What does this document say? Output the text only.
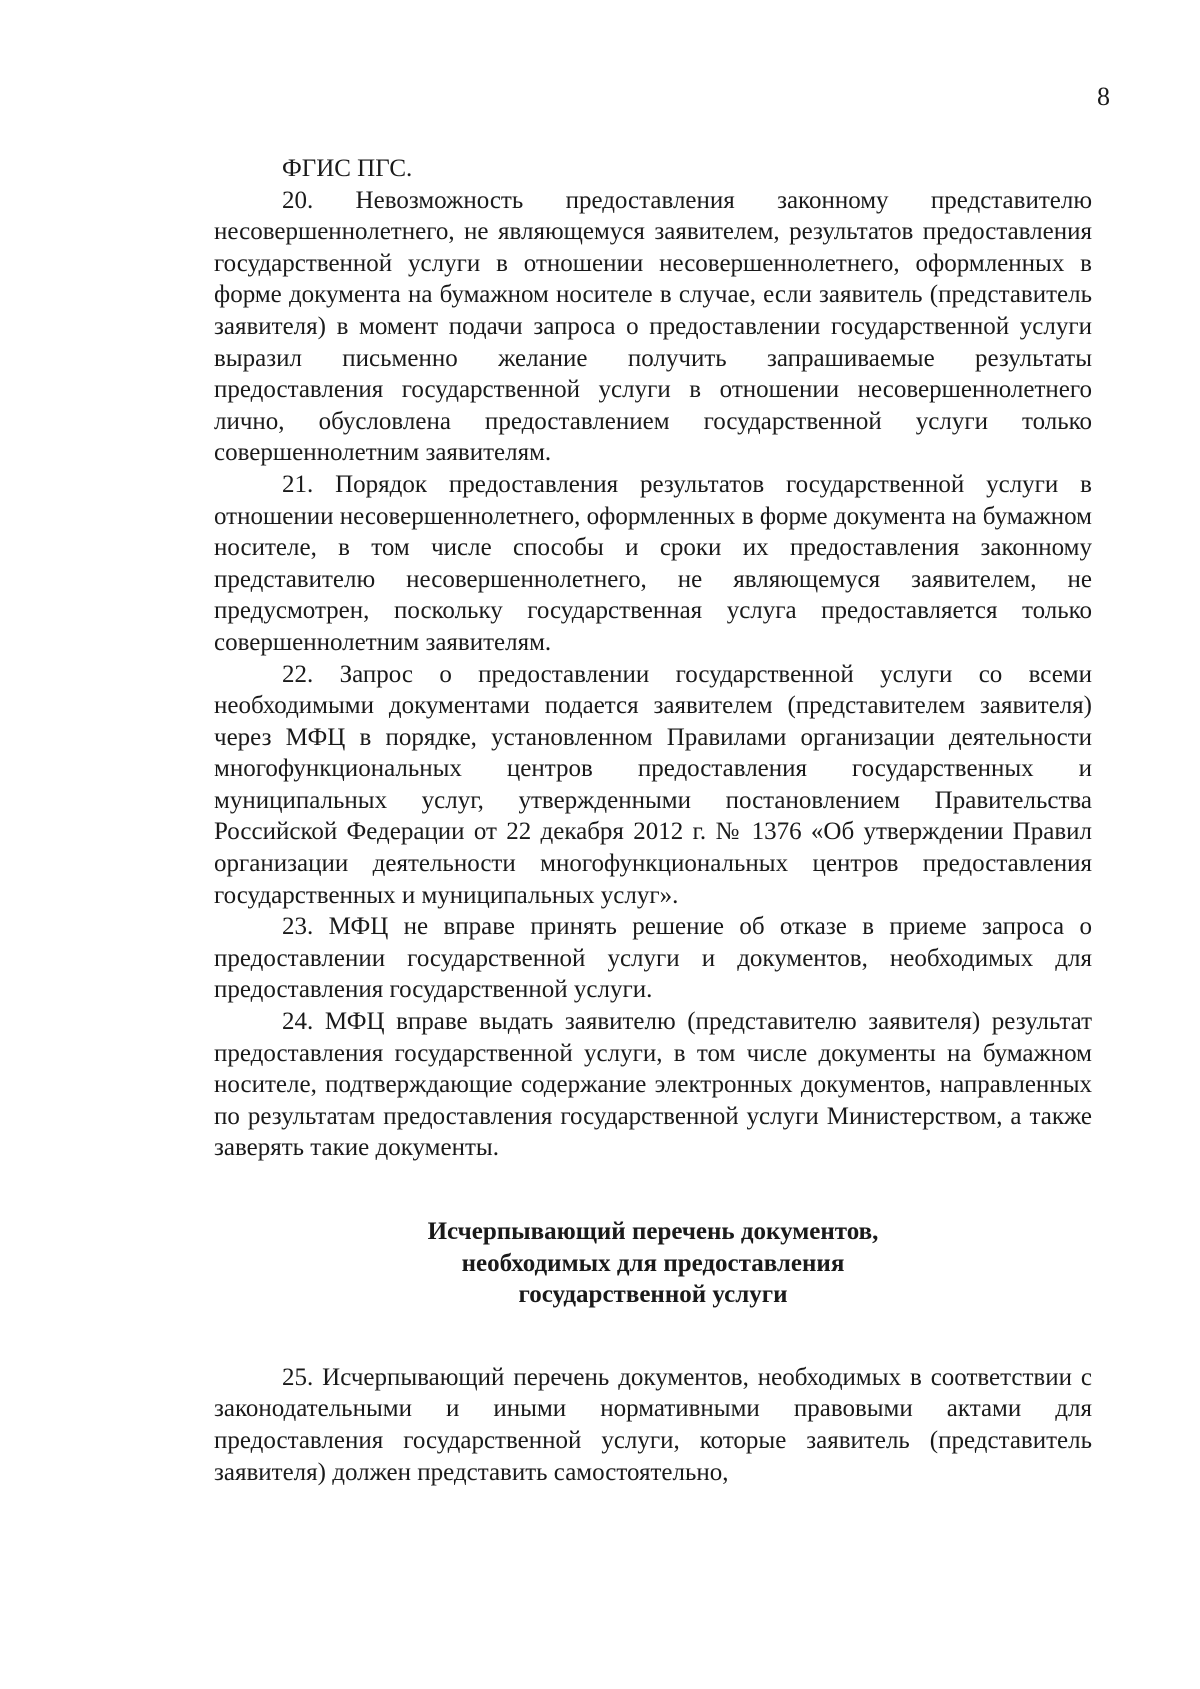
8

ФГИС ПГС.

20. Невозможность предоставления законному представителю несовершеннолетнего, не являющемуся заявителем, результатов предоставления государственной услуги в отношении несовершеннолетнего, оформленных в форме документа на бумажном носителе в случае, если заявитель (представитель заявителя) в момент подачи запроса о предоставлении государственной услуги выразил письменно желание получить запрашиваемые результаты предоставления государственной услуги в отношении несовершеннолетнего лично, обусловлена предоставлением государственной услуги только совершеннолетним заявителям.

21. Порядок предоставления результатов государственной услуги в отношении несовершеннолетнего, оформленных в форме документа на бумажном носителе, в том числе способы и сроки их предоставления законному представителю несовершеннолетнего, не являющемуся заявителем, не предусмотрен, поскольку государственная услуга предоставляется только совершеннолетним заявителям.

22. Запрос о предоставлении государственной услуги со всеми необходимыми документами подается заявителем (представителем заявителя) через МФЦ в порядке, установленном Правилами организации деятельности многофункциональных центров предоставления государственных и муниципальных услуг, утвержденными постановлением Правительства Российской Федерации от 22 декабря 2012 г. № 1376 «Об утверждении Правил организации деятельности многофункциональных центров предоставления государственных и муниципальных услуг».

23. МФЦ не вправе принять решение об отказе в приеме запроса о предоставлении государственной услуги и документов, необходимых для предоставления государственной услуги.

24. МФЦ вправе выдать заявителю (представителю заявителя) результат предоставления государственной услуги, в том числе документы на бумажном носителе, подтверждающие содержание электронных документов, направленных по результатам предоставления государственной услуги Министерством, а также заверять такие документы.

Исчерпывающий перечень документов,
необходимых для предоставления
государственной услуги

25. Исчерпывающий перечень документов, необходимых в соответствии с законодательными и иными нормативными правовыми актами для предоставления государственной услуги, которые заявитель (представитель заявителя) должен представить самостоятельно,
